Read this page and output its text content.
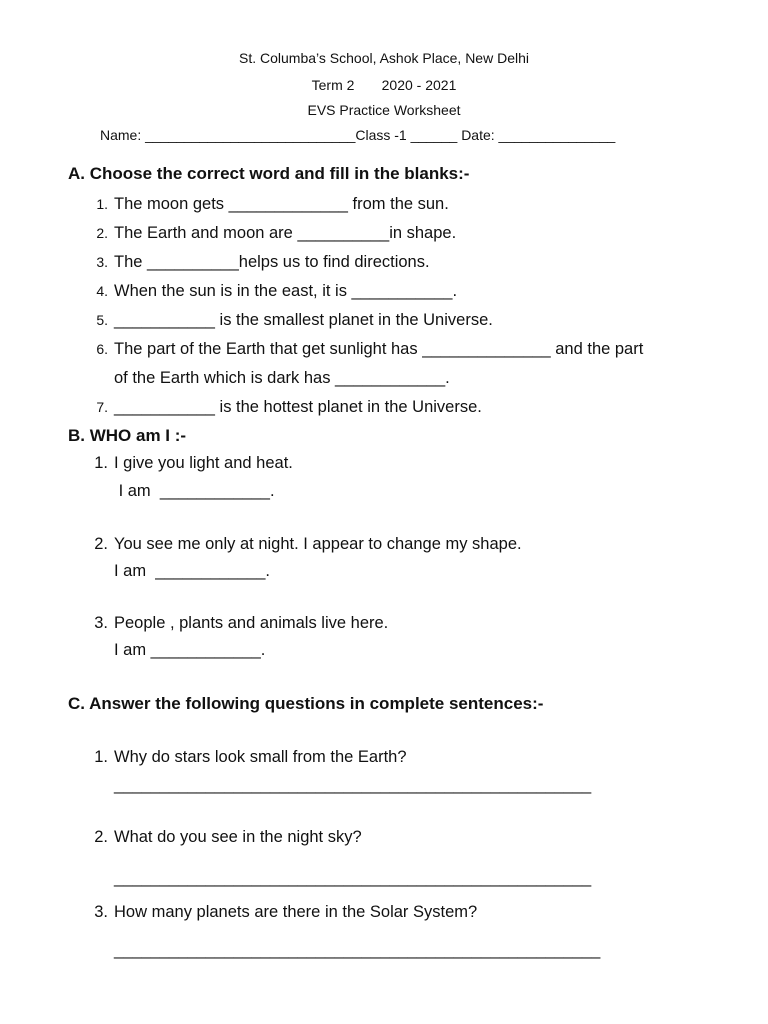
St. Columba’s School, Ashok Place, New Delhi
Term 2       2020 - 2021
EVS Practice Worksheet
Name: ___________________________Class -1 ______ Date: _______________
A. Choose the correct word and fill in the blanks:-
1. The moon gets _____________ from the sun.
2. The Earth and moon are __________in shape.
3. The __________helps us to find directions.
4. When the sun is in the east, it is ___________.
5. ___________ is the smallest planet in the Universe.
6. The part of the Earth that get sunlight has ______________ and the part
of the Earth which is dark has ____________.
7. ___________ is the hottest planet in the Universe.
B. WHO am I :-
1. I give you light and heat.
I am  ____________.
2. You see me only at night. I appear to change my shape.
I am  ____________.
3. People , plants and animals live here.
I am ____________.
C. Answer the following questions in complete sentences:-
1. Why do stars look small from the Earth?
____________________________________________________
2. What do you see in the night sky?
____________________________________________________
3. How many planets are there in the Solar System?
_____________________________________________________
